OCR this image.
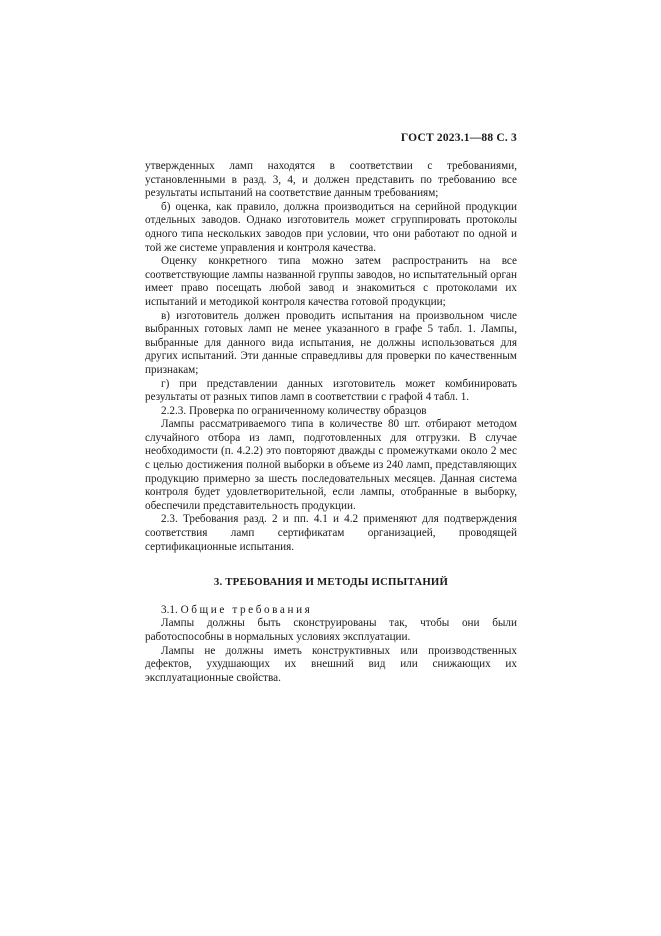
ГОСТ 2023.1—88 С. 3

утвержденных ламп находятся в соответствии с требованиями, установленными в разд. 3, 4, и должен представить по требованию все результаты испытаний на соответствие данным требованиям;

б) оценка, как правило, должна производиться на серийной продукции отдельных заводов. Однако изготовитель может сгруппировать протоколы одного типа нескольких заводов при условии, что они работают по одной и той же системе управления и контроля качества.

Оценку конкретного типа можно затем распространить на все соответствующие лампы названной группы заводов, но испытательный орган имеет право посещать любой завод и знакомиться с протоколами их испытаний и методикой контроля качества готовой продукции;

в) изготовитель должен проводить испытания на произвольном числе выбранных готовых ламп не менее указанного в графе 5 табл. 1. Лампы, выбранные для данного вида испытания, не должны использоваться для других испытаний. Эти данные справедливы для проверки по качественным признакам;

г) при представлении данных изготовитель может комбинировать результаты от разных типов ламп в соответствии с графой 4 табл. 1.

2.2.3. Проверка по ограниченному количеству образцов

Лампы рассматриваемого типа в количестве 80 шт. отбирают методом случайного отбора из ламп, подготовленных для отгрузки. В случае необходимости (п. 4.2.2) это повторяют дважды с промежутками около 2 мес с целью достижения полной выборки в объеме из 240 ламп, представляющих продукцию примерно за шесть последовательных месяцев. Данная система контроля будет удовлетворительной, если лампы, отобранные в выборку, обеспечили представительность продукции.

2.3. Требования разд. 2 и пп. 4.1 и 4.2 применяют для подтверждения соответствия ламп сертификатам организацией, проводящей сертификационные испытания.

3. ТРЕБОВАНИЯ И МЕТОДЫ ИСПЫТАНИЙ

3.1. Общие требования

Лампы должны быть сконструированы так, чтобы они были работоспособны в нормальных условиях эксплуатации.

Лампы не должны иметь конструктивных или производственных дефектов, ухудшающих их внешний вид или снижающих их эксплуатационные свойства.
